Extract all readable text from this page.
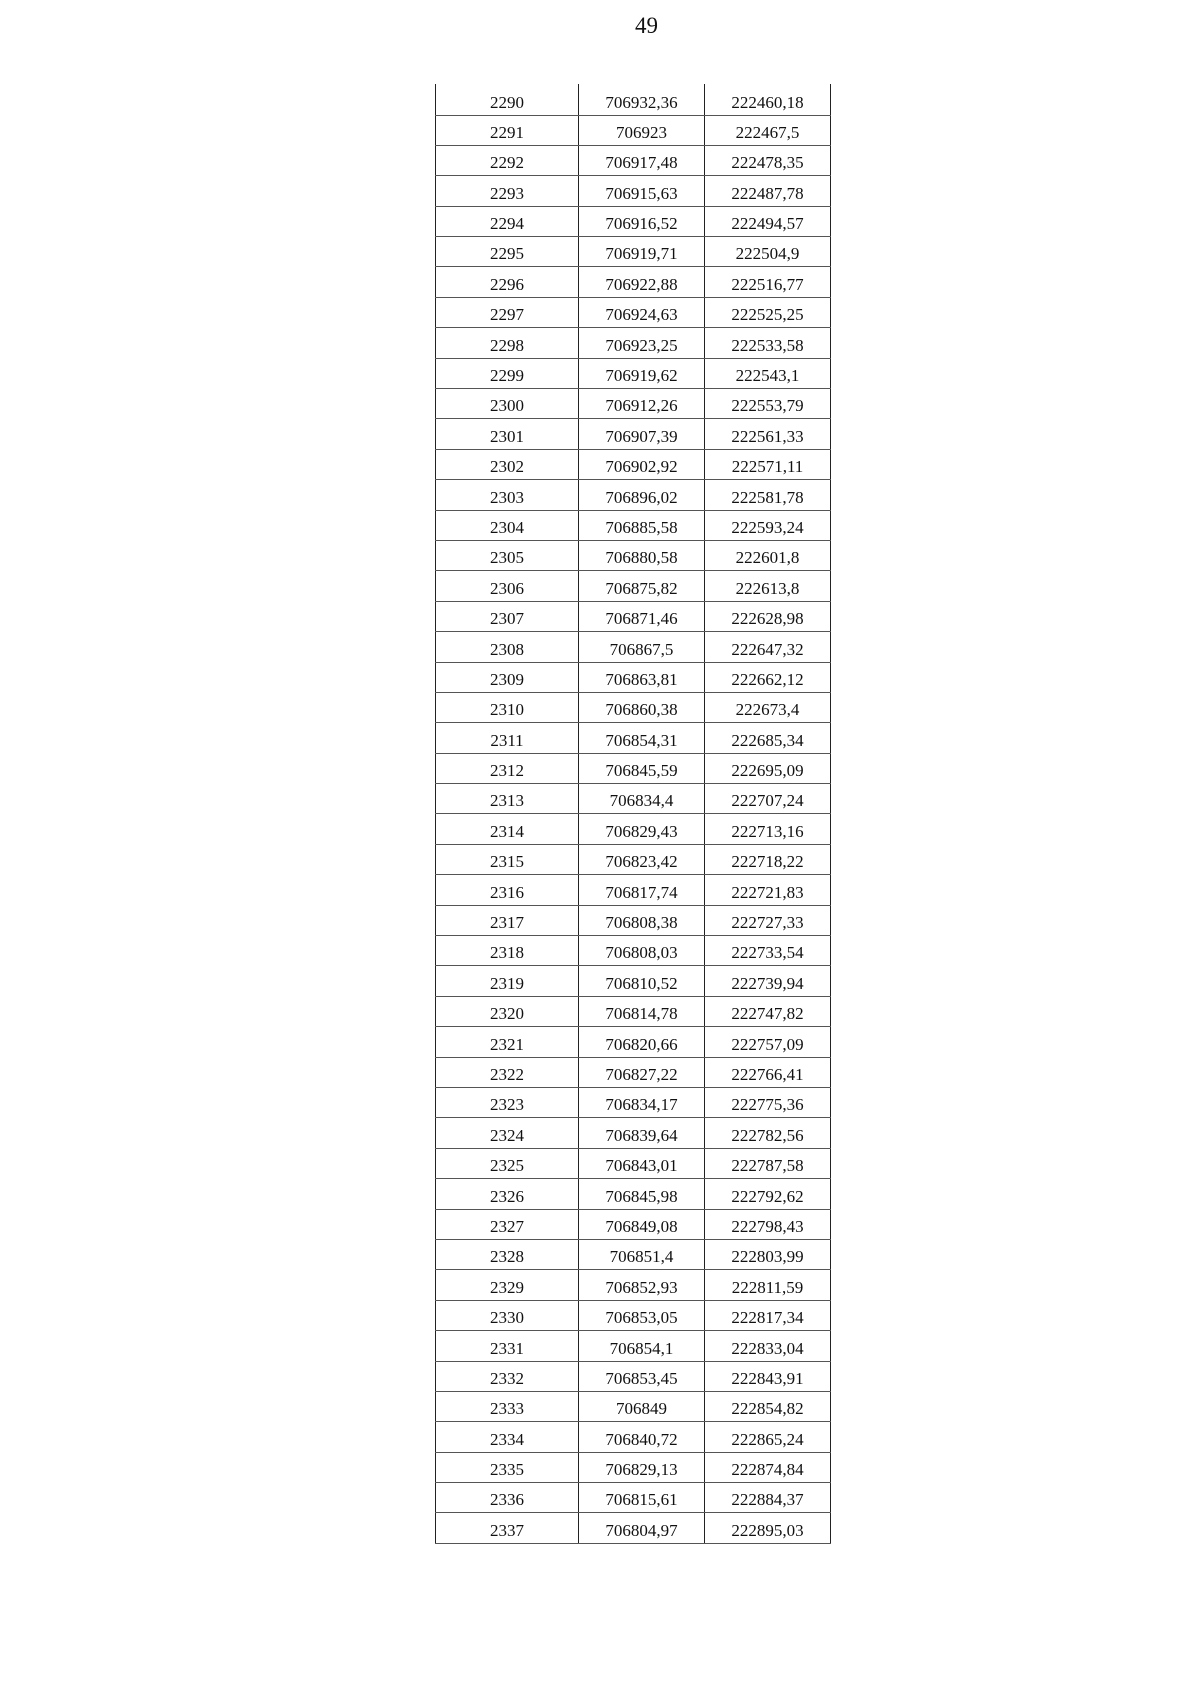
49
2290	706932,36	222460,18
2291	706923	222467,5
2292	706917,48	222478,35
2293	706915,63	222487,78
2294	706916,52	222494,57
2295	706919,71	222504,9
2296	706922,88	222516,77
2297	706924,63	222525,25
2298	706923,25	222533,58
2299	706919,62	222543,1
2300	706912,26	222553,79
2301	706907,39	222561,33
2302	706902,92	222571,11
2303	706896,02	222581,78
2304	706885,58	222593,24
2305	706880,58	222601,8
2306	706875,82	222613,8
2307	706871,46	222628,98
2308	706867,5	222647,32
2309	706863,81	222662,12
2310	706860,38	222673,4
2311	706854,31	222685,34
2312	706845,59	222695,09
2313	706834,4	222707,24
2314	706829,43	222713,16
2315	706823,42	222718,22
2316	706817,74	222721,83
2317	706808,38	222727,33
2318	706808,03	222733,54
2319	706810,52	222739,94
2320	706814,78	222747,82
2321	706820,66	222757,09
2322	706827,22	222766,41
2323	706834,17	222775,36
2324	706839,64	222782,56
2325	706843,01	222787,58
2326	706845,98	222792,62
2327	706849,08	222798,43
2328	706851,4	222803,99
2329	706852,93	222811,59
2330	706853,05	222817,34
2331	706854,1	222833,04
2332	706853,45	222843,91
2333	706849	222854,82
2334	706840,72	222865,24
2335	706829,13	222874,84
2336	706815,61	222884,37
2337	706804,97	222895,03
